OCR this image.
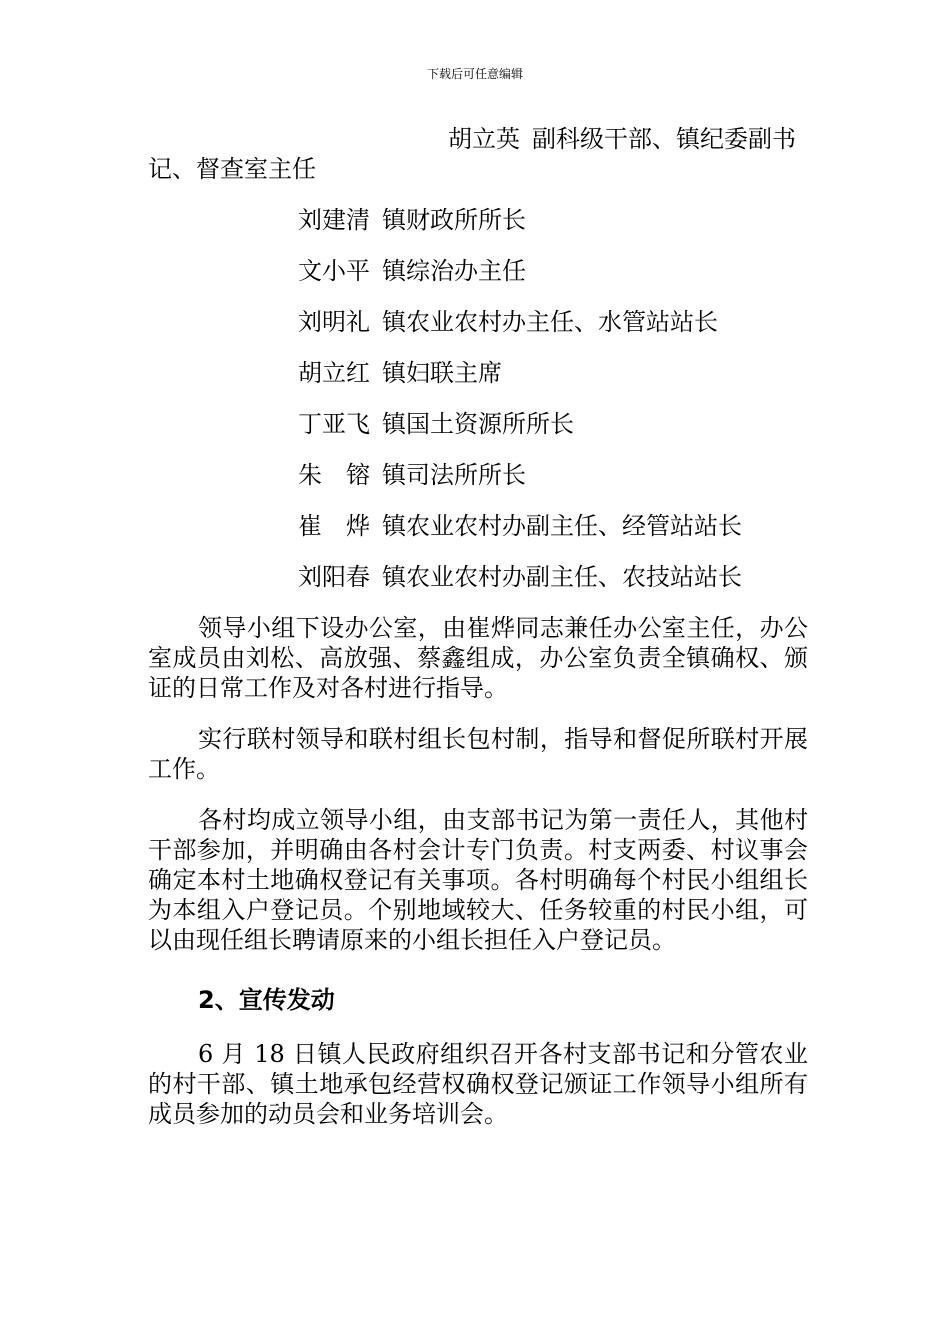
下载后可任意编辑
胡立英 副科级干部、镇纪委副书记、督查室主任
刘建清 镇财政所所长
文小平 镇综治办主任
刘明礼 镇农业农村办主任、水管站站长
胡立红 镇妇联主席
丁亚飞 镇国土资源所所长
朱　镕 镇司法所所长
崔　烨 镇农业农村办副主任、经管站站长
刘阳春 镇农业农村办副主任、农技站站长

领导小组下设办公室，由崔烨同志兼任办公室主任，办公室成员由刘松、高放强、蔡鑫组成，办公室负责全镇确权、颁证的日常工作及对各村进行指导。

实行联村领导和联村组长包村制，指导和督促所联村开展工作。

各村均成立领导小组，由支部书记为第一责任人，其他村干部参加，并明确由各村会计专门负责。村支两委、村议事会确定本村土地确权登记有关事项。各村明确每个村民小组组长为本组入户登记员。个别地域较大、任务较重的村民小组，可以由现任组长聘请原来的小组长担任入户登记员。

2、宣传发动

6 月 18 日镇人民政府组织召开各村支部书记和分管农业的村干部、镇土地承包经营权确权登记颁证工作领导小组所有成员参加的动员会和业务培训会。
